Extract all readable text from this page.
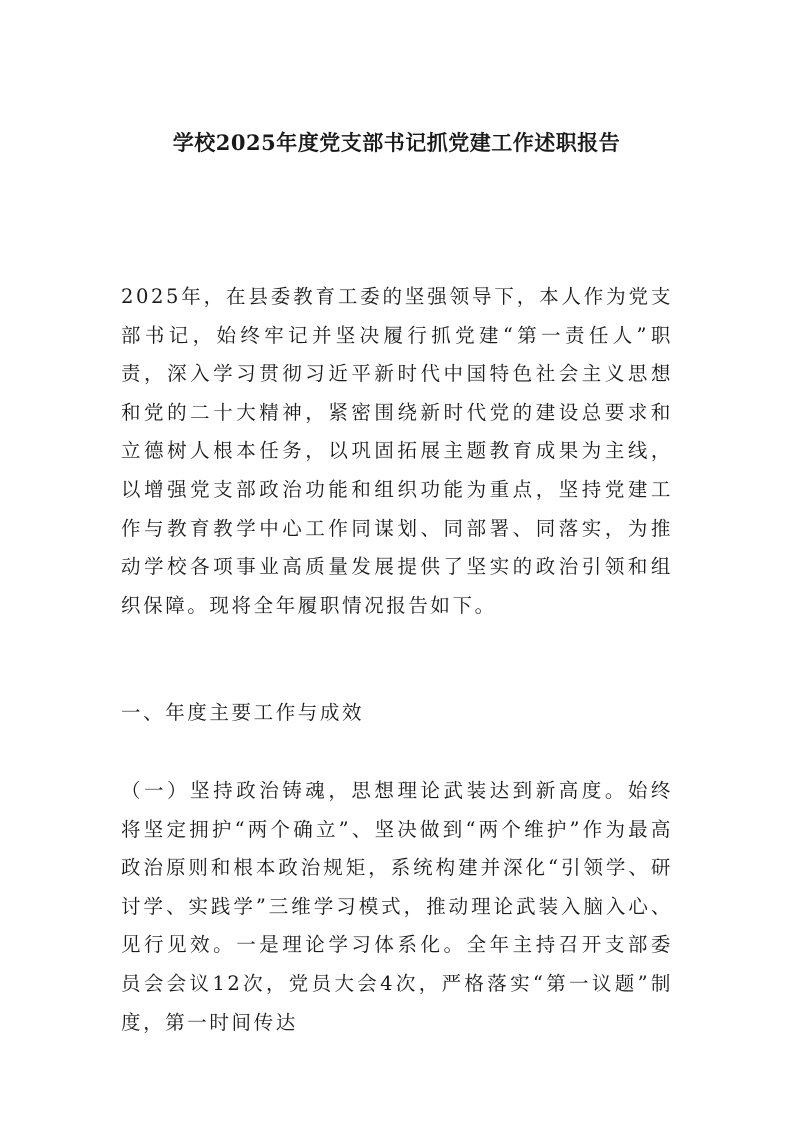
学校2025年度党支部书记抓党建工作述职报告

2025年，在县委教育工委的坚强领导下，本人作为党支部书记，始终牢记并坚决履行抓党建“第一责任人”职责，深入学习贯彻习近平新时代中国特色社会主义思想和党的二十大精神，紧密围绕新时代党的建设总要求和立德树人根本任务，以巩固拓展主题教育成果为主线，以增强党支部政治功能和组织功能为重点，坚持党建工作与教育教学中心工作同谋划、同部署、同落实，为推动学校各项事业高质量发展提供了坚实的政治引领和组织保障。现将全年履职情况报告如下。

一、年度主要工作与成效

（一）坚持政治铸魂，思想理论武装达到新高度。始终将坚定拥护“两个确立”、坚决做到“两个维护”作为最高政治原则和根本政治规矩，系统构建并深化“引领学、研讨学、实践学”三维学习模式，推动理论武装入脑入心、见行见效。一是理论学习体系化。全年主持召开支部委员会会议12次，党员大会4次，严格落实“第一议题”制度，第一时间传达
